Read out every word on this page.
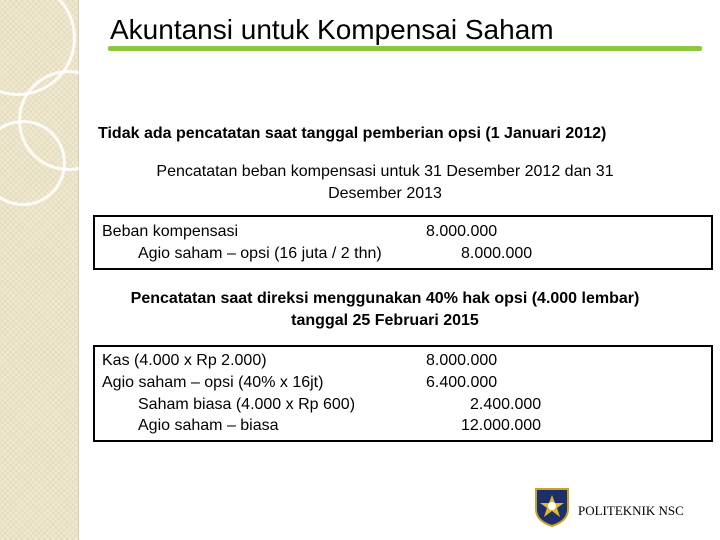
Akuntansi untuk Kompensai Saham
Tidak ada pencatatan saat tanggal pemberian opsi (1 Januari 2012)
Pencatatan beban kompensasi untuk 31 Desember 2012 dan 31
Desember 2013
Beban kompensasi	8.000.000
Agio saham – opsi (16 juta / 2 thn)	8.000.000
Pencatatan saat direksi menggunakan 40% hak opsi (4.000 lembar)
tanggal 25 Februari 2015
Kas (4.000 x Rp 2.000)	8.000.000
Agio saham – opsi (40% x 16jt)	6.400.000
Saham biasa (4.000 x Rp 600)	2.400.000
Agio saham – biasa	12.000.000
POLITEKNIK NSC
